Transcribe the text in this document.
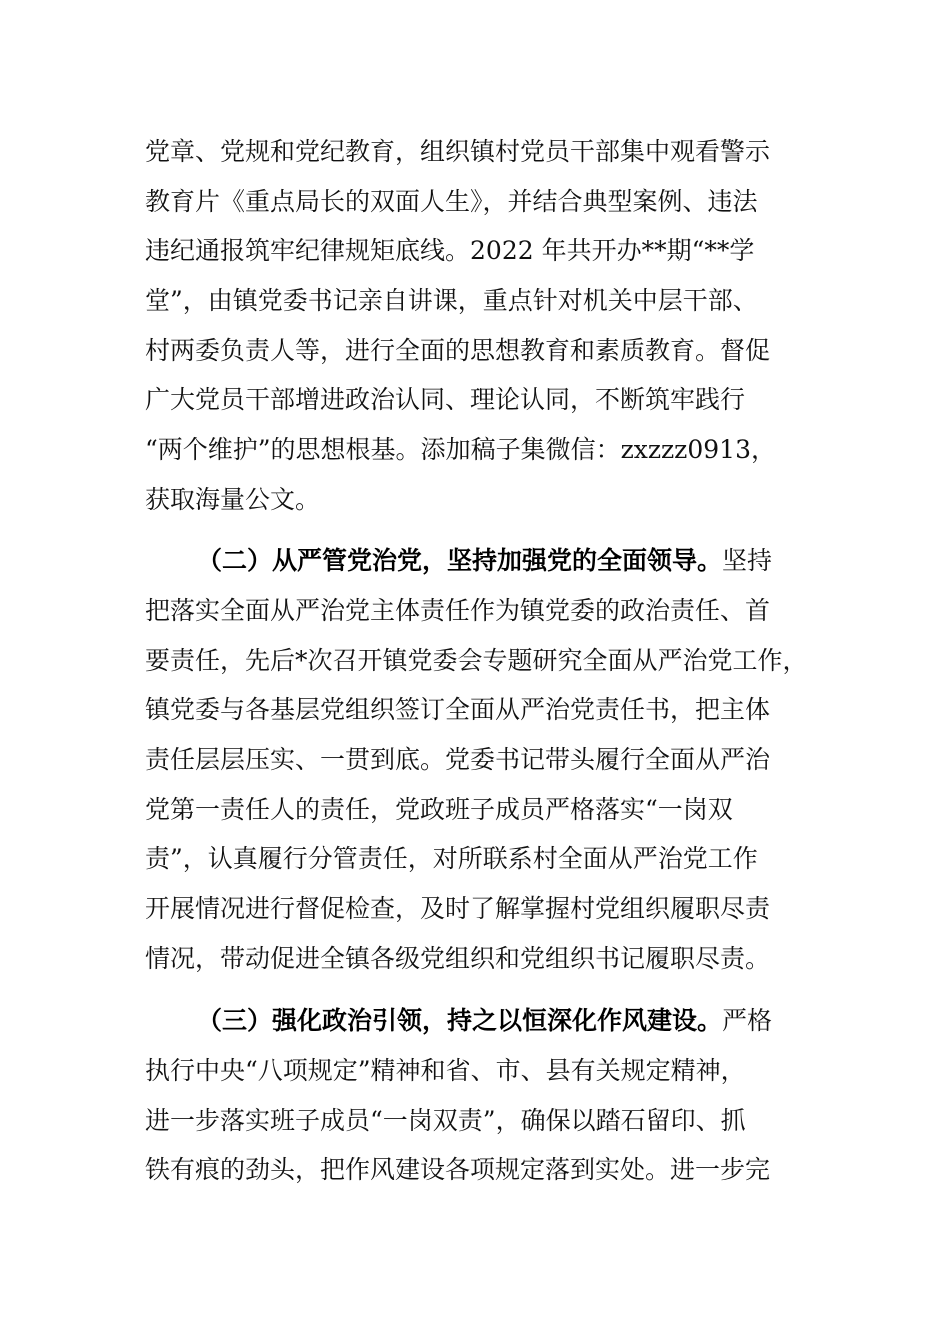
党章、党规和党纪教育，组织镇村党员干部集中观看警示
教育片《重点局长的双面人生》，并结合典型案例、违法
违纪通报筑牢纪律规矩底线。2022 年共开办**期“**学
堂”，由镇党委书记亲自讲课，重点针对机关中层干部、
村两委负责人等，进行全面的思想教育和素质教育。督促
广大党员干部增进政治认同、理论认同，不断筑牢践行
“两个维护”的思想根基。添加稿子集微信：zxzzz0913，
获取海量公文。
（二）从严管党治党，坚持加强党的全面领导。坚持
把落实全面从严治党主体责任作为镇党委的政治责任、首
要责任，先后*次召开镇党委会专题研究全面从严治党工作，
镇党委与各基层党组织签订全面从严治党责任书，把主体
责任层层压实、一贯到底。党委书记带头履行全面从严治
党第一责任人的责任，党政班子成员严格落实“一岗双
责”，认真履行分管责任，对所联系村全面从严治党工作
开展情况进行督促检查，及时了解掌握村党组织履职尽责
情况，带动促进全镇各级党组织和党组织书记履职尽责。
（三）强化政治引领，持之以恒深化作风建设。严格
执行中央“八项规定”精神和省、市、县有关规定精神，
进一步落实班子成员“一岗双责”，确保以踏石留印、抓
铁有痕的劲头，把作风建设各项规定落到实处。进一步完
